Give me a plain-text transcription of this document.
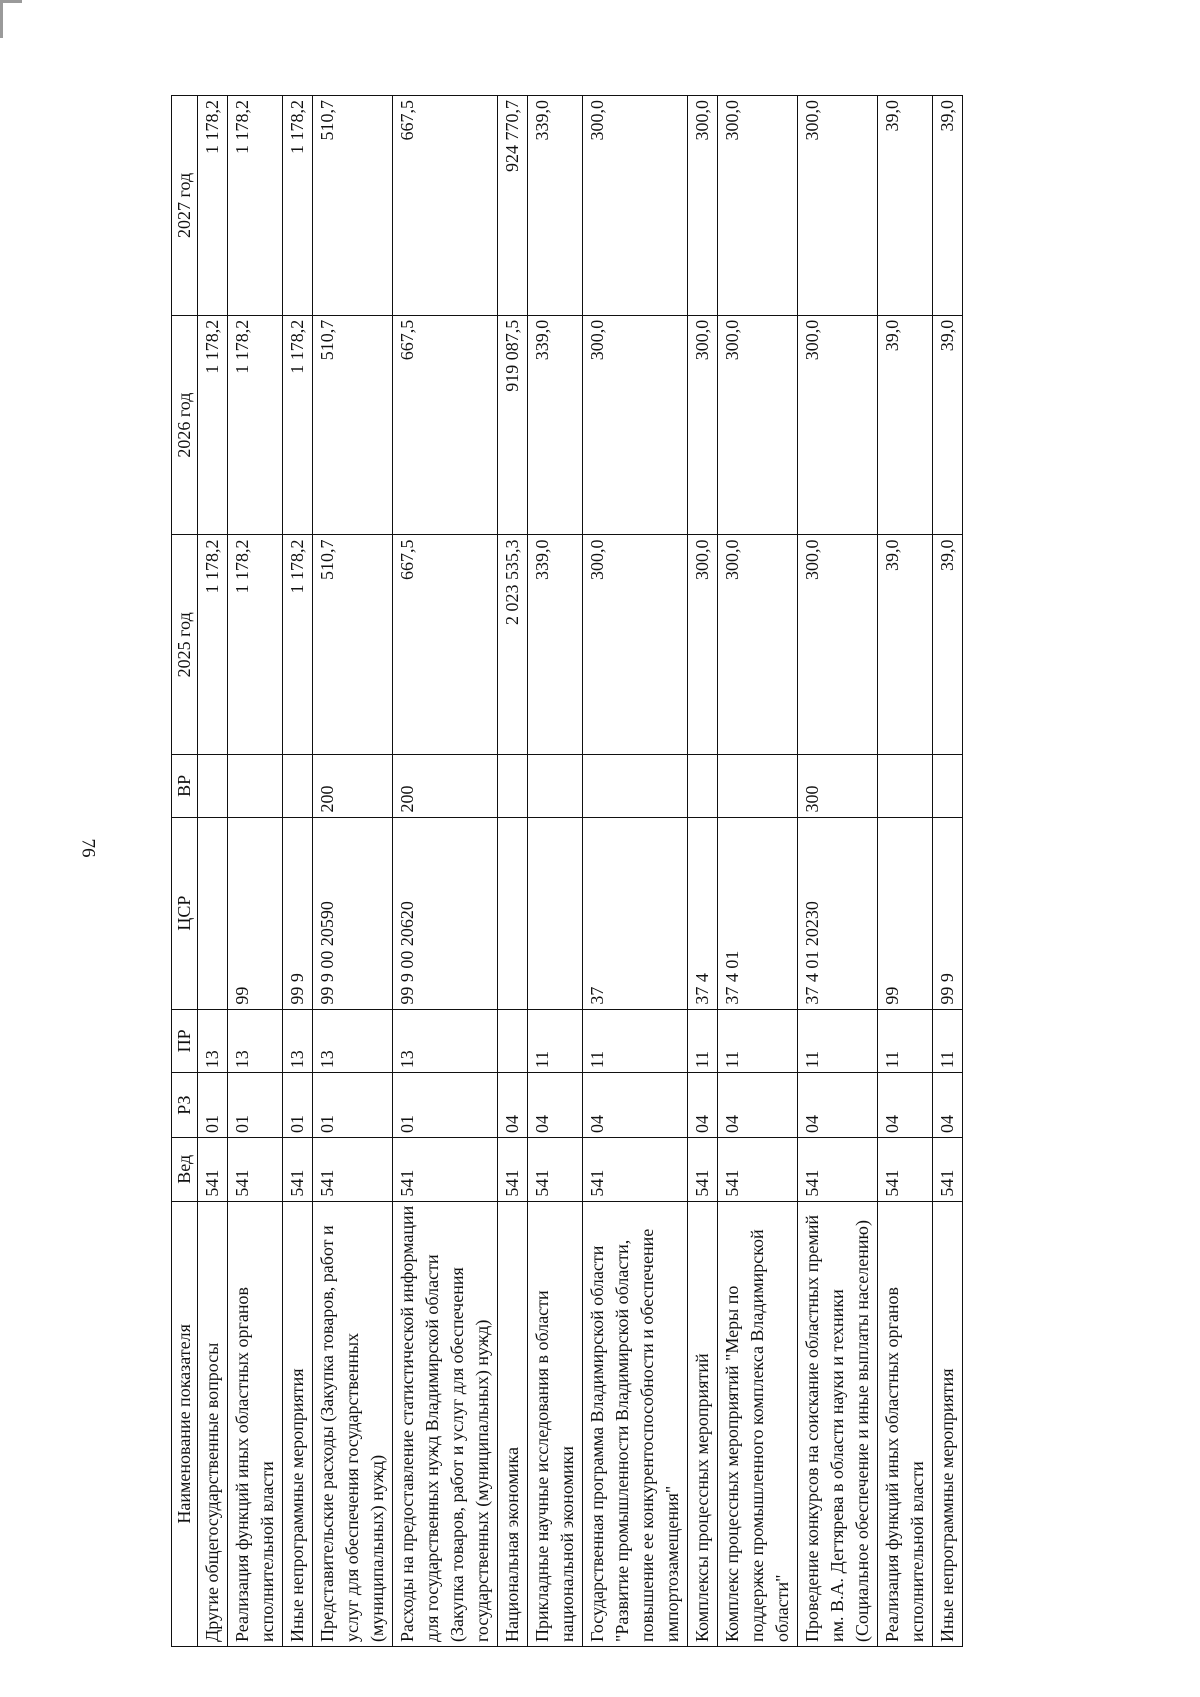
76
Наименование показателя	Вед	РЗ	ПР	ЦСР	ВР	2025 год	2026 год	2027 год
Другие общегосударственные вопросы	541	01	13			1 178,2	1 178,2	1 178,2
Реализация функций иных областных органов исполнительной власти	541	01	13	99		1 178,2	1 178,2	1 178,2
Иные непрограммные мероприятия	541	01	13	99 9		1 178,2	1 178,2	1 178,2
Представительские расходы (Закупка товаров, работ и услуг для обеспечения государственных (муниципальных) нужд)	541	01	13	99 9 00 20590	200	510,7	510,7	510,7
Расходы на предоставление статистической информации для государственных нужд Владимирской области (Закупка товаров, работ и услуг для обеспечения государственных (муниципальных) нужд)	541	01	13	99 9 00 20620	200	667,5	667,5	667,5
Национальная экономика	541	04				2 023 535,3	919 087,5	924 770,7
Прикладные научные исследования в области национальной экономики	541	04	11			339,0	339,0	339,0
Государственная программа Владимирской области "Развитие промышленности Владимирской области, повышение ее конкурентоспособности и обеспечение импортозамещения"	541	04	11	37		300,0	300,0	300,0
Комплексы процессных мероприятий	541	04	11	37 4		300,0	300,0	300,0
Комплекс процессных мероприятий "Меры по поддержке промышленного комплекса Владимирской области"	541	04	11	37 4 01		300,0	300,0	300,0
Проведение конкурсов на соискание областных премий им. В.А. Дегтярева в области науки и техники (Социальное обеспечение и иные выплаты населению)	541	04	11	37 4 01 20230	300	300,0	300,0	300,0
Реализация функций иных областных органов исполнительной власти	541	04	11	99		39,0	39,0	39,0
Иные непрограммные мероприятия	541	04	11	99 9		39,0	39,0	39,0
